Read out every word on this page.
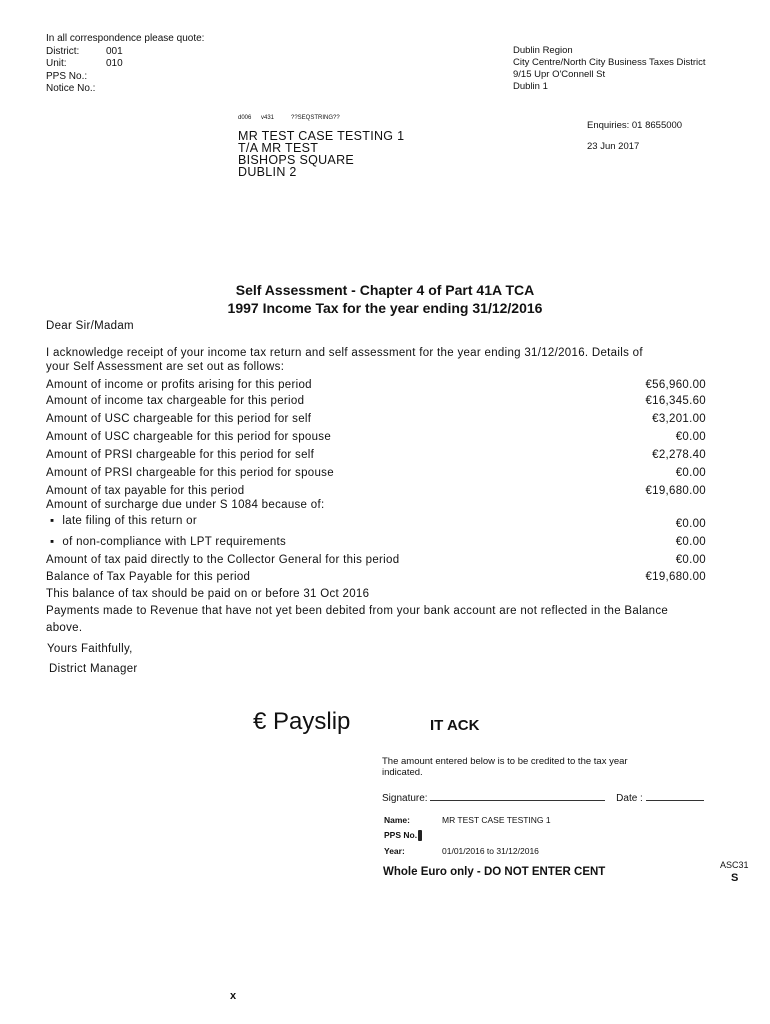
In all correspondence please quote:
District:	001
Unit:	010
PPS No.:
Notice No.:
Dublin Region
City Centre/North City Business Taxes District
9/15 Upr O'Connell St
Dublin 1
d006 v431	??SEQSTRING??
MR TEST CASE TESTING 1
T/A MR TEST
BISHOPS SQUARE
DUBLIN 2
Enquiries: 01 8655000
23 Jun 2017
Self Assessment - Chapter 4 of Part 41A TCA
1997 Income Tax for the year ending 31/12/2016
Dear Sir/Madam
I acknowledge receipt of your income tax return and self assessment for the year ending 31/12/2016. Details of
your Self Assessment are set out as follows:
Amount of income or profits arising for this period	€56,960.00
Amount of income tax chargeable for this period	€16,345.60
Amount of USC chargeable for this period for self	€3,201.00
Amount of USC chargeable for this period for spouse	€0.00
Amount of PRSI chargeable for this period for self	€2,278.40
Amount of PRSI chargeable for this period for spouse	€0.00
Amount of tax payable for this period	€19,680.00
Amount of surcharge due under S 1084 because of:
▪ late filing of this return or	€0.00
▪ of non-compliance with LPT requirements	€0.00
Amount of tax paid directly to the Collector General for this period	€0.00
Balance of Tax Payable for this period	€19,680.00
This balance of tax should be paid on or before 31 Oct 2016
Payments made to Revenue that have not yet been debited from your bank account are not reflected in the Balance
above.
Yours Faithfully,
District Manager
€ Payslip	IT ACK
The amount entered below is to be credited to the tax year
indicated.
Signature:	Date :
Name:	MR TEST CASE TESTING 1
PPS No.
Year:	01/01/2016 to 31/12/2016
ASC31
Whole Euro only - DO NOT ENTER CENT	S
x
